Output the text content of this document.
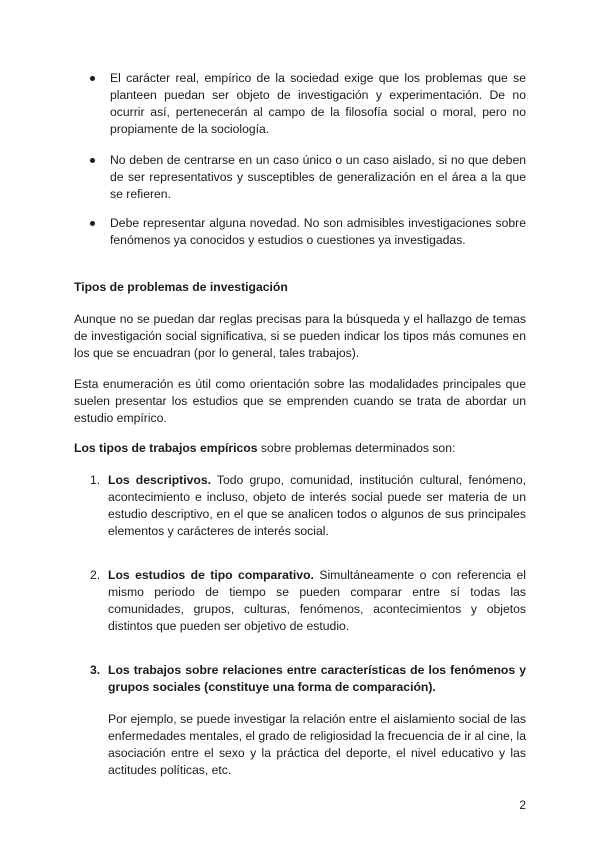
El carácter real, empírico de la sociedad exige que los problemas que se planteen puedan ser objeto de investigación y experimentación. De no ocurrir así, pertenecerán al campo de la filosofía social o moral, pero no propiamente de la sociología.
No deben de centrarse en un caso único o un caso aislado, si no que deben de ser representativos y susceptibles de generalización en el área a la que se refieren.
Debe representar alguna novedad. No son admisibles investigaciones sobre fenómenos ya conocidos y estudios o cuestiones ya investigadas.
Tipos de problemas de investigación
Aunque no se puedan dar reglas precisas para la búsqueda y el hallazgo de temas de investigación social significativa, si se pueden indicar los tipos más comunes en los que se encuadran (por lo general, tales trabajos).
Esta enumeración es útil como orientación sobre las modalidades principales que suelen presentar los estudios que se emprenden cuando se trata de abordar un estudio empírico.
Los tipos de trabajos empíricos sobre problemas determinados son:
1. Los descriptivos. Todo grupo, comunidad, institución cultural, fenómeno, acontecimiento e incluso, objeto de interés social puede ser materia de un estudio descriptivo, en el que se analicen todos o algunos de sus principales elementos y carácteres de interés social.
2. Los estudios de tipo comparativo. Simultáneamente o con referencia el mismo periodo de tiempo se pueden comparar entre sí todas las comunidades, grupos, culturas, fenómenos, acontecimientos y objetos distintos que pueden ser objetivo de estudio.
3. Los trabajos sobre relaciones entre características de los fenómenos y grupos sociales (constituye una forma de comparación).
Por ejemplo, se puede investigar la relación entre el aislamiento social de las enfermedades mentales, el grado de religiosidad la frecuencia de ir al cine, la asociación entre el sexo y la práctica del deporte, el nivel educativo y las actitudes políticas, etc.
2
